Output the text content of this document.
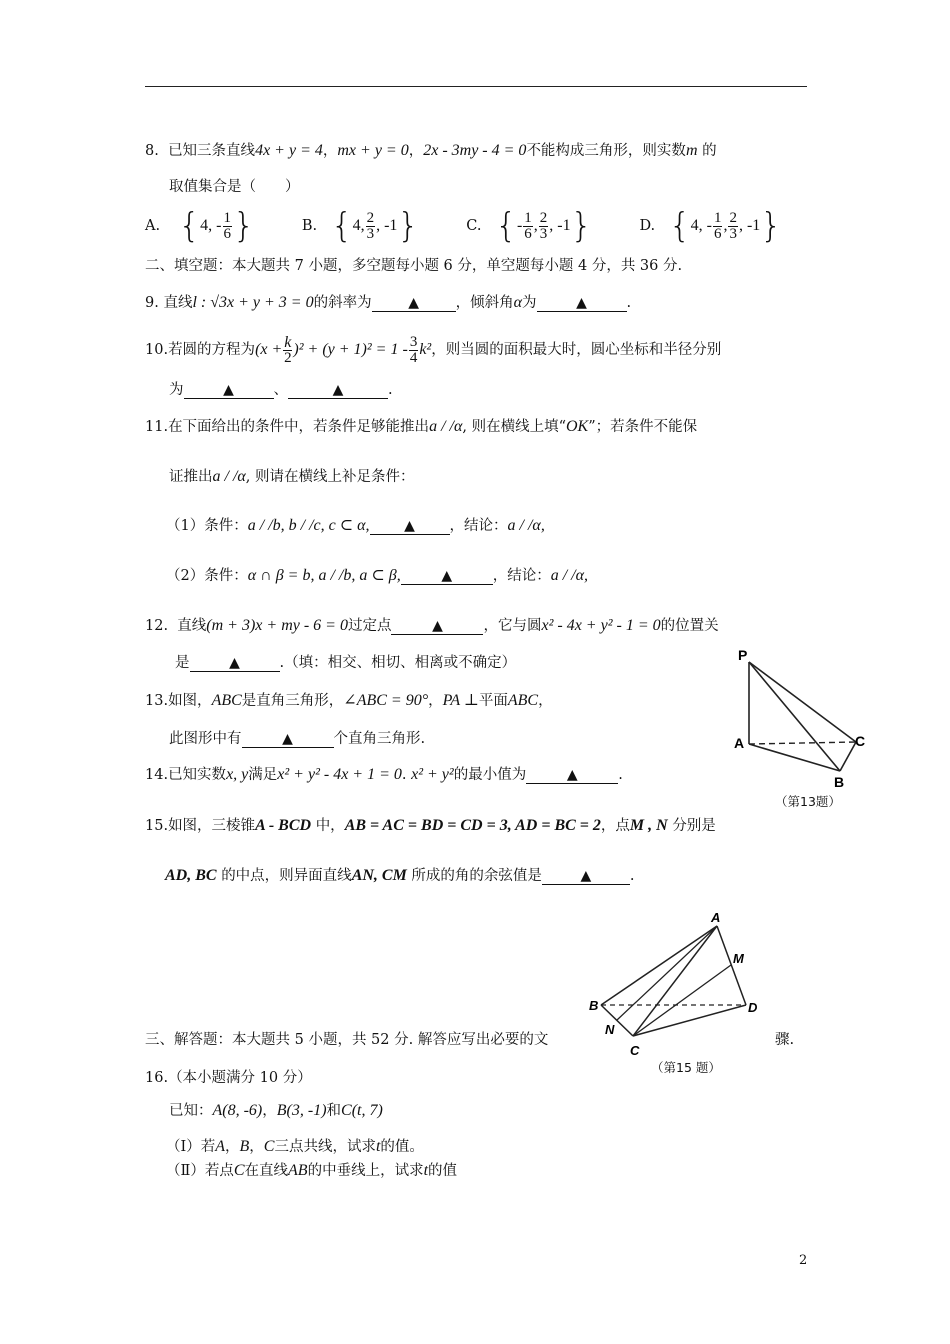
8. 已知三条直线4x + y = 4，mx + y = 0，2x - 3my - 4 = 0不能构成三角形，则实数m 的
取值集合是（　　）
A. {4, - $\frac{1}{6}$ }	B. {4, $\frac{2}{3}$ , -1}	C. {- $\frac{1}{6}$ , $\frac{2}{3}$ , -1}	D. {4, - $\frac{1}{6}$ , $\frac{2}{3}$ , -1}
二、填空题：本大题共 7 小题，多空题每小题 6 分，单空题每小题 4 分，共 36 分.
9. 直线l : √3x + y + 3 = 0的斜率为	▲	，倾斜角α为	▲	.
10.若圆的方程为$(x + \frac{k}{2} )^2 + (y + 1)^2 = 1 - \frac{3}{4} k^2$，则当圆的面积最大时，圆心坐标和半径分别
为	▲	、	▲	.
11.在下面给出的条件中，若条件足够能推出a / /α, 则在横线上填“OK”；若条件不能保
证推出a / /α, 则请在横线上补足条件：
（1）条件：a / /b, b / /c, c ⊂ α, ▲ ，结论：a / /α,
（2）条件：α ∩ β = b, a / /b, a ⊂ β,	▲	，结论：a / /α,
12. 直线(m + 3)x + my - 6 = 0过定点	▲	，它与圆x² - 4x + y² - 1 = 0的位置关
是	▲	.（填：相交、相切、相离或不确定）
13.如图，ABC是直角三角形，∠ABC = 90°，PA ⊥平面ABC，
此图形中有	▲	个直角三角形.
14.已知实数x, y满足x² + y² - 4x + 1 = 0. x² + y²的最小值为	▲	.
P
A
B
C
（第13题）
15.如图，三棱锥A - BCD 中，AB = AC = BD = CD = 3, AD = BC = 2，点M , N 分别是
AD, BC 的中点，则异面直线AN, CM 所成的角的余弦值是	▲	.
A
B
C
D
M
N
（第15 题）
三、解答题：本大题共 5 小题，共 52 分. 解答应写出必要的文	骤.
16.（本小题满分 10 分）
已知：A(8, -6)，B(3, -1)和C(t, 7)
（Ⅰ）若A，B，C三点共线，试求t的值。
（Ⅱ）若点C在直线AB的中垂线上，试求t的值
2
